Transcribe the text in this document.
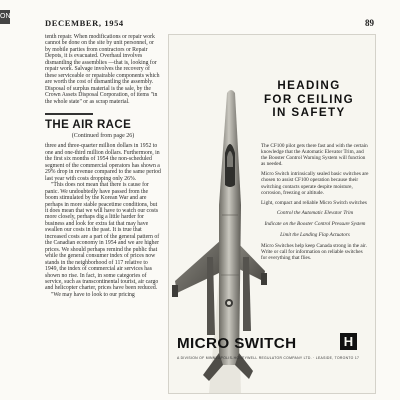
ON
DECEMBER, 1954	89

tenth repair. When modifications or repair work cannot be done on the site by unit personnel, or by mobile parties from contractors or Repair Depots, it is evacuated. Overhaul involves dismantling the assemblies —that is, looking for repair work. Salvage involves the recovery of these serviceable or repairable components which are worth the cost of dismantling the assembly. Disposal of surplus material is the sale, by the Crown Assets Disposal Corporation, of items "in the whole state" or as scrap material.

THE AIR RACE
(Continued from page 26)

three and three-quarter million dollars in 1952 to one and one-third million dollars. Furthermore, in the first six months of 1954 the non-scheduled segment of the commercial operators has shown a 29% drop in revenue compared to the same period last year with costs dropping only 26%.

"This does not mean that there is cause for panic. We undoubtedly have passed from the boom stimulated by the Korean War and are perhaps in more stable peacetime conditions, but it does mean that we will have to watch our costs more closely, perhaps dig a little harder for business and look for extra fat that may have swallen our costs in the past. It is true that increased costs are a part of the general pattern of the Canadian economy in 1954 and we are higher prices. We should perhaps remind the public that while the general consumer index of prices now stands in the neighborhood of 117 relative to 1949, the index of commercial air services has shown no rise. In fact, in some categories of service, such as transcontinental tourist, air cargo and helicopter charter, prices have been reduced.

"We may have to look to our pricing

HEADING
FOR CEILING
IN SAFETY

The CF100 pilot gets there fast and with the certain knowledge that the Automatic Elevator Trim, and the Booster Control Warning System will function as needed.

Micro Switch intrinsically sealed basic switches are chosen to assist CF100 operation because their switching contacts operate despite moisture, corrosion, freezing or altitude.

Light, compact and reliable Micro Switch switches

Control the Automatic Elevator Trim

Indicate on the Booster Control Pressure System

Limit the Landing Flap Actuators

Micro Switches help keep Canada strong in the air. Write or call for information on reliable switches for everything that flies.

MICRO SWITCH	H
A DIVISION OF MINNEAPOLIS-HONEYWELL REGULATOR COMPANY LTD. · LEASIDE, TORONTO 17
